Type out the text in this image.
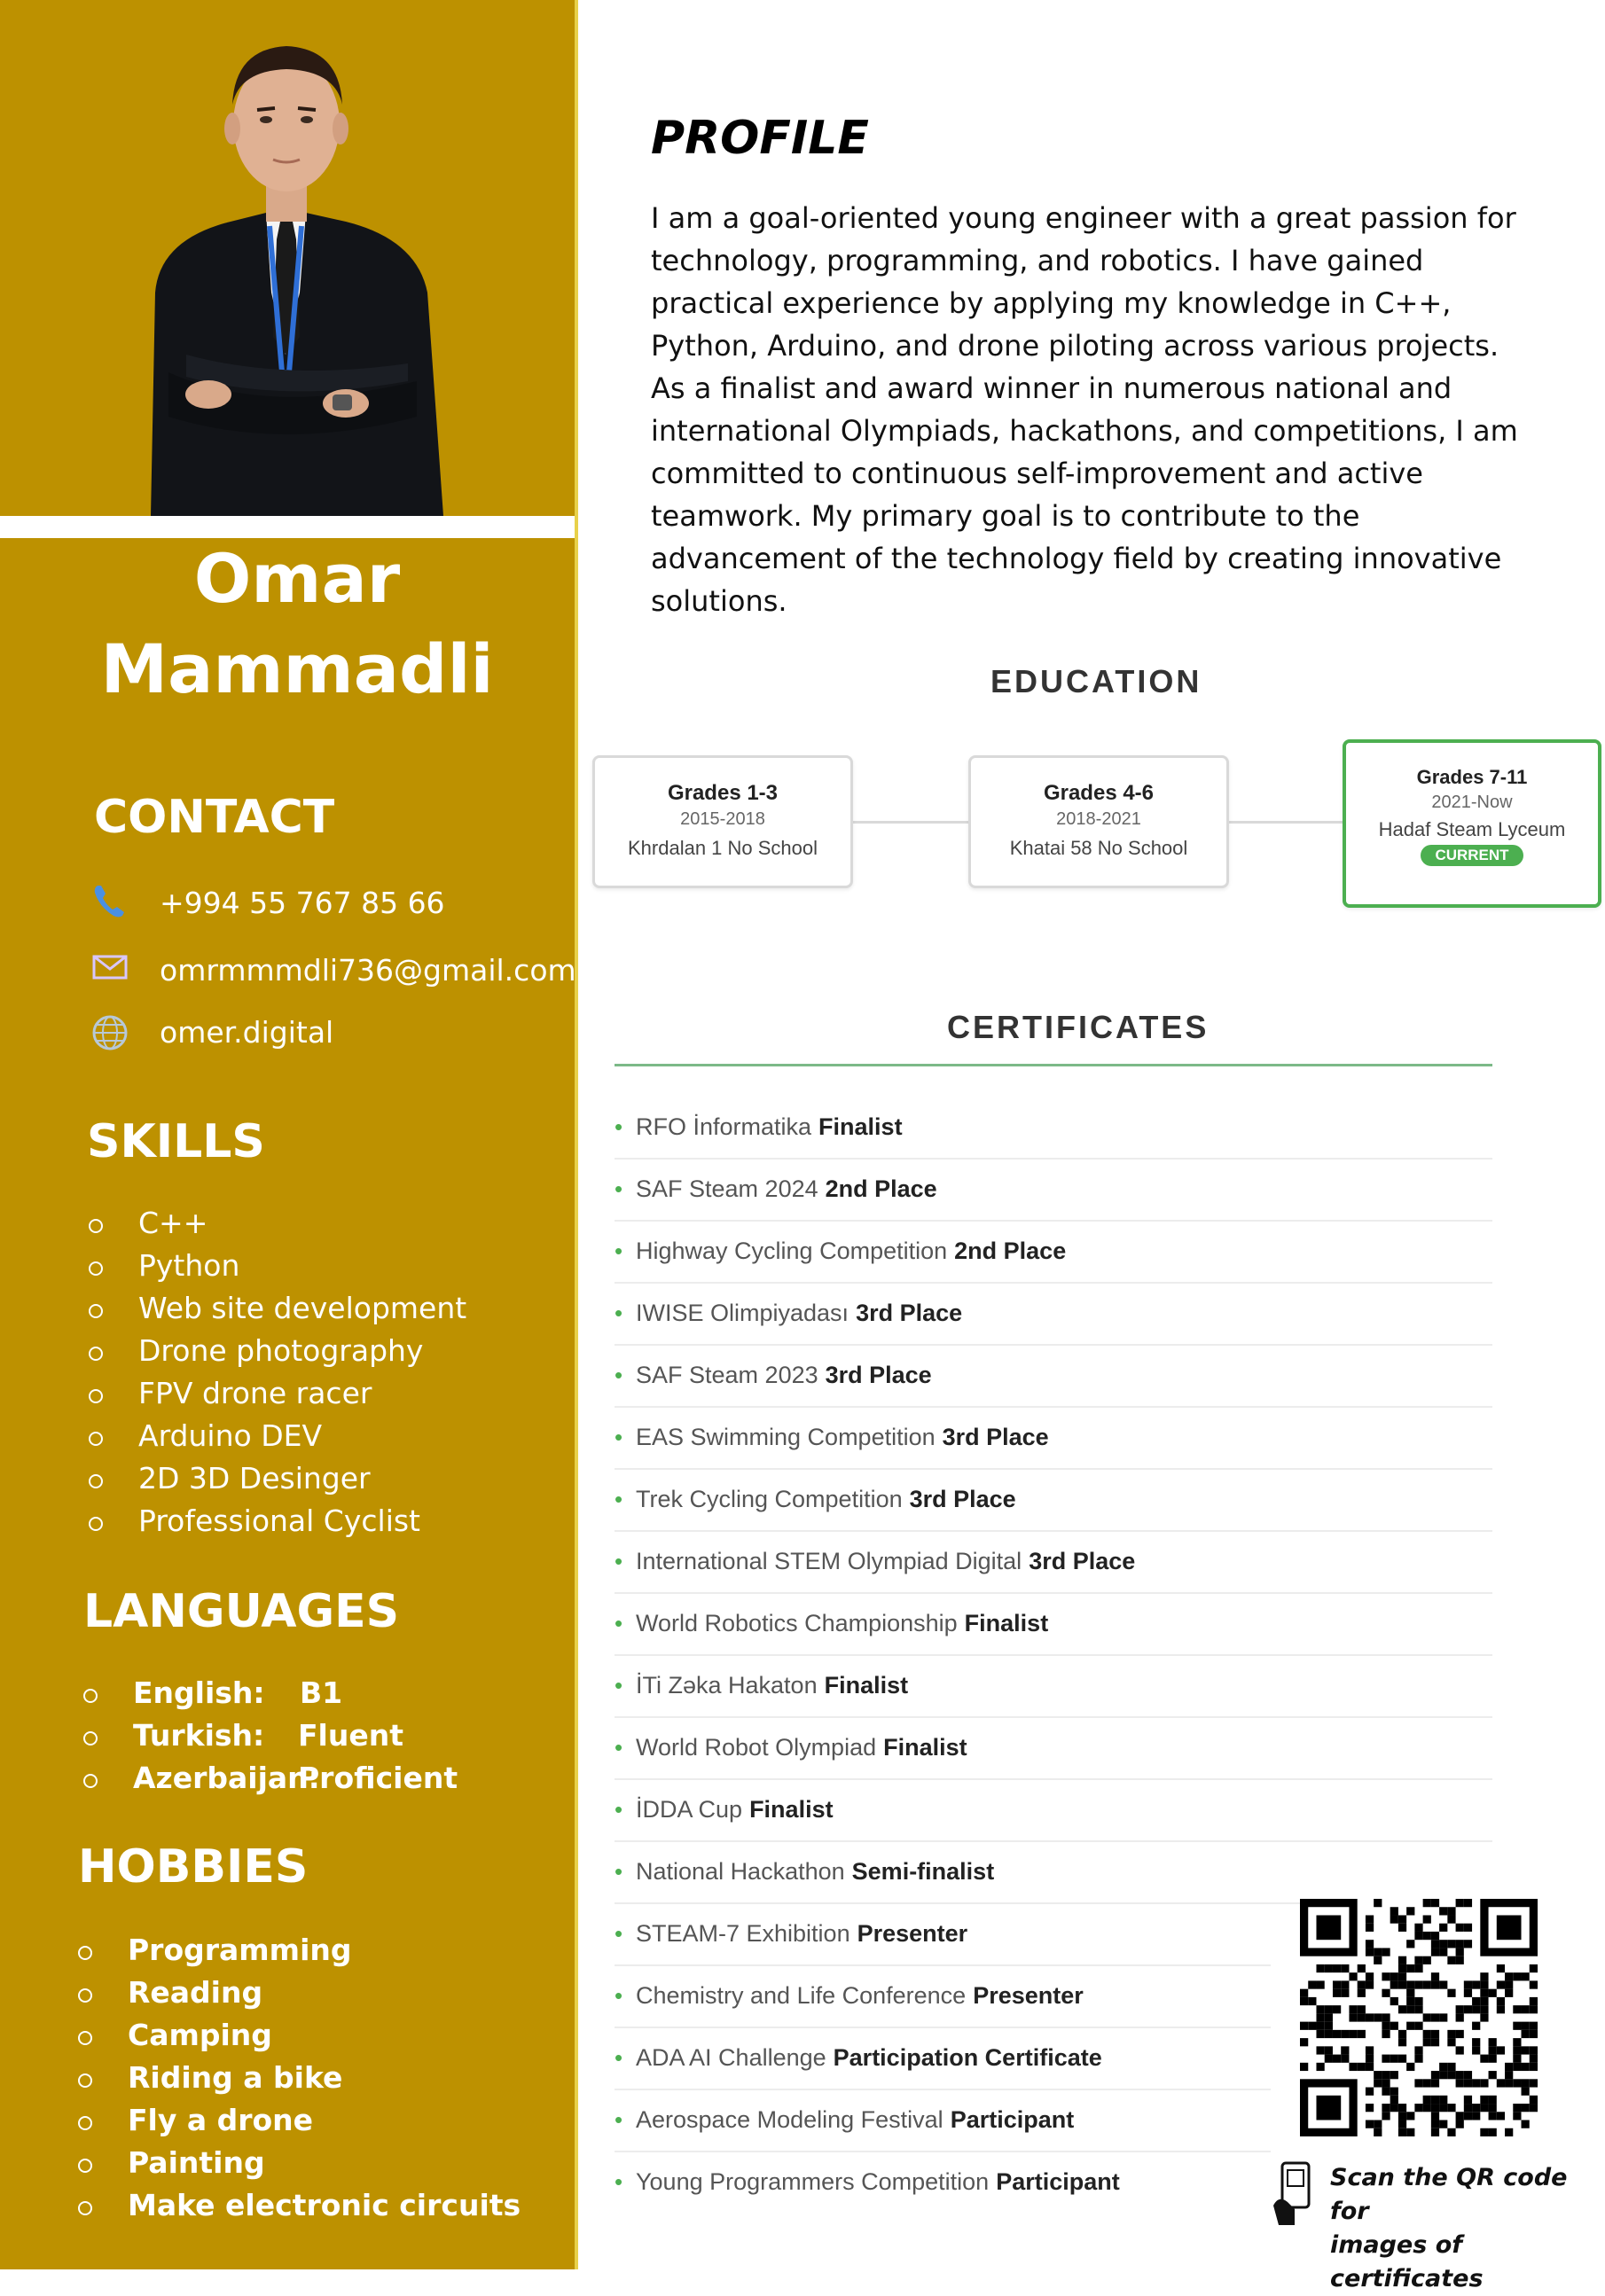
Omar
Mammadli
CONTACT
+994 55 767 85 66
omrmmmdli736@gmail.com
omer.digital
SKILLS
C++
Python
Web site development
Drone photography
FPV drone racer
Arduino DEV
2D 3D Desinger
Professional Cyclist
LANGUAGES
English: B1
Turkish: Fluent
Azerbaijan:
Proficient
HOBBIES
Programming
Reading
Camping
Riding a bike
Fly a drone
Painting
Make electronic circuits
PROFILE

I am a goal-oriented young engineer with a great passion for technology, programming, and robotics. I have gained practical experience by applying my knowledge in C++, Python, Arduino, and drone piloting across various projects. As a finalist and award winner in numerous national and international Olympiads, hackathons, and competitions, I am committed to continuous self-improvement and active teamwork. My primary goal is to contribute to the advancement of the technology field by creating innovative solutions.

EDUCATION
Grades 1-3
2015-2018
Khrdalan 1 No School
Grades 4-6
2018-2021
Khatai 58 No School
Grades 7-11
2021-Now
Hadaf Steam Lyceum
CURRENT
CERTIFICATES
• RFO İnformatika Finalist
• SAF Steam 2024 2nd Place
• Highway Cycling Competition 2nd Place
• IWISE Olimpiyadası 3rd Place
• SAF Steam 2023 3rd Place
• EAS Swimming Competition 3rd Place
• Trek Cycling Competition 3rd Place
• International STEM Olympiad Digital 3rd Place
• World Robotics Championship Finalist
• İTi Zəka Hakaton Finalist
• World Robot Olympiad Finalist
• İDDA Cup Finalist
• National Hackathon Semi-finalist
• STEAM-7 Exhibition Presenter
• Chemistry and Life Conference Presenter
• ADA AI Challenge Participation Certificate
• Aerospace Modeling Festival Participant
• Young Programmers Competition Participant	Scan the QR code for
images of certificates
